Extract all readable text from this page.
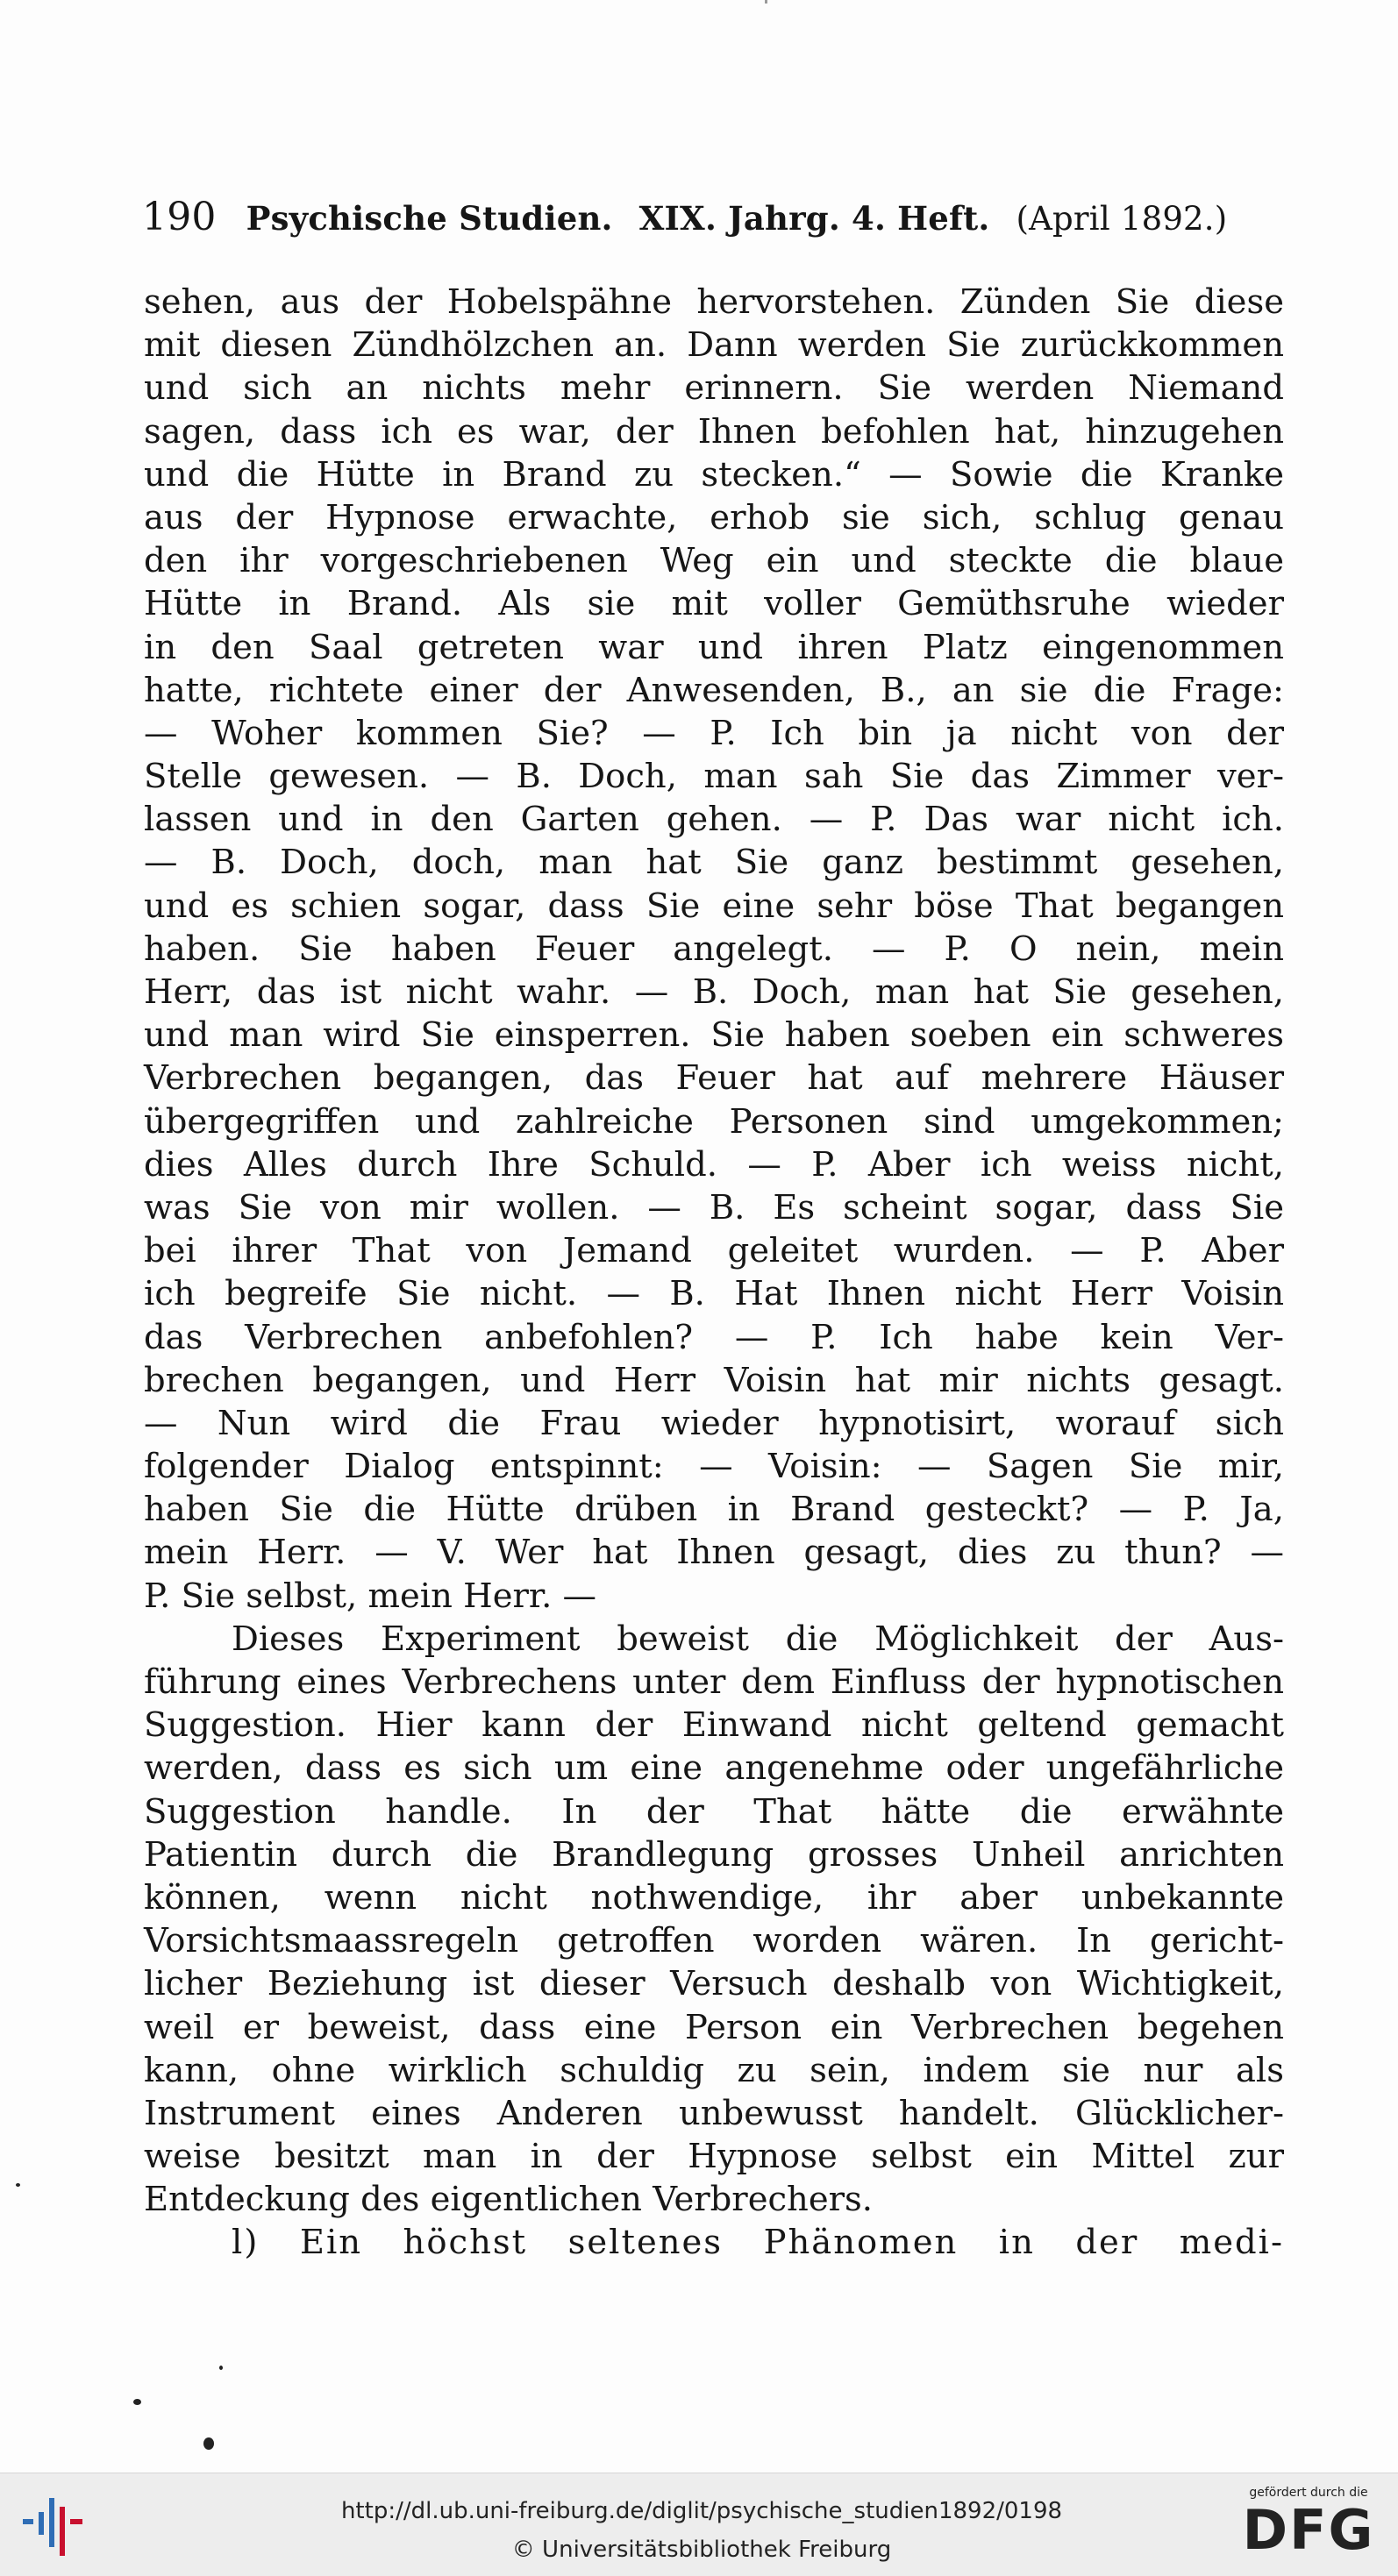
190 Psychische Studien. XIX. Jahrg. 4. Heft. (April 1892.)
sehen, aus der Hobelspähne hervorstehen. Zünden Sie diese
mit diesen Zündhölzchen an. Dann werden Sie zurückkommen
und sich an nichts mehr erinnern. Sie werden Niemand
sagen, dass ich es war, der Ihnen befohlen hat, hinzugehen
und die Hütte in Brand zu stecken.“ — Sowie die Kranke
aus der Hypnose erwachte, erhob sie sich, schlug genau
den ihr vorgeschriebenen Weg ein und steckte die blaue
Hütte in Brand. Als sie mit voller Gemüthsruhe wieder
in den Saal getreten war und ihren Platz eingenommen
hatte, richtete einer der Anwesenden, B., an sie die Frage:
— Woher kommen Sie? — P. Ich bin ja nicht von der
Stelle gewesen. — B. Doch, man sah Sie das Zimmer ver-
lassen und in den Garten gehen. — P. Das war nicht ich.
— B. Doch, doch, man hat Sie ganz bestimmt gesehen,
und es schien sogar, dass Sie eine sehr böse That begangen
haben. Sie haben Feuer angelegt. — P. O nein, mein
Herr, das ist nicht wahr. — B. Doch, man hat Sie gesehen,
und man wird Sie einsperren. Sie haben soeben ein schweres
Verbrechen begangen, das Feuer hat auf mehrere Häuser
übergegriffen und zahlreiche Personen sind umgekommen;
dies Alles durch Ihre Schuld. — P. Aber ich weiss nicht,
was Sie von mir wollen. — B. Es scheint sogar, dass Sie
bei ihrer That von Jemand geleitet wurden. — P. Aber
ich begreife Sie nicht. — B. Hat Ihnen nicht Herr Voisin
das Verbrechen anbefohlen? — P. Ich habe kein Ver-
brechen begangen, und Herr Voisin hat mir nichts gesagt.
— Nun wird die Frau wieder hypnotisirt, worauf sich
folgender Dialog entspinnt: — Voisin: — Sagen Sie mir,
haben Sie die Hütte drüben in Brand gesteckt? — P. Ja,
mein Herr. — V. Wer hat Ihnen gesagt, dies zu thun? —
P. Sie selbst, mein Herr. —
Dieses Experiment beweist die Möglichkeit der Aus-
führung eines Verbrechens unter dem Einfluss der hypnotischen
Suggestion. Hier kann der Einwand nicht geltend gemacht
werden, dass es sich um eine angenehme oder ungefährliche
Suggestion handle. In der That hätte die erwähnte
Patientin durch die Brandlegung grosses Unheil anrichten
können, wenn nicht nothwendige, ihr aber unbekannte
Vorsichtsmaassregeln getroffen worden wären. In gericht-
licher Beziehung ist dieser Versuch deshalb von Wichtigkeit,
weil er beweist, dass eine Person ein Verbrechen begehen
kann, ohne wirklich schuldig zu sein, indem sie nur als
Instrument eines Anderen unbewusst handelt. Glücklicher-
weise besitzt man in der Hypnose selbst ein Mittel zur
Entdeckung des eigentlichen Verbrechers.
l) Ein höchst seltenes Phänomen in der medi-
http://dl.ub.uni-freiburg.de/diglit/psychische_studien1892/0198
© Universitätsbibliothek Freiburg
gefördert durch die
DFG
